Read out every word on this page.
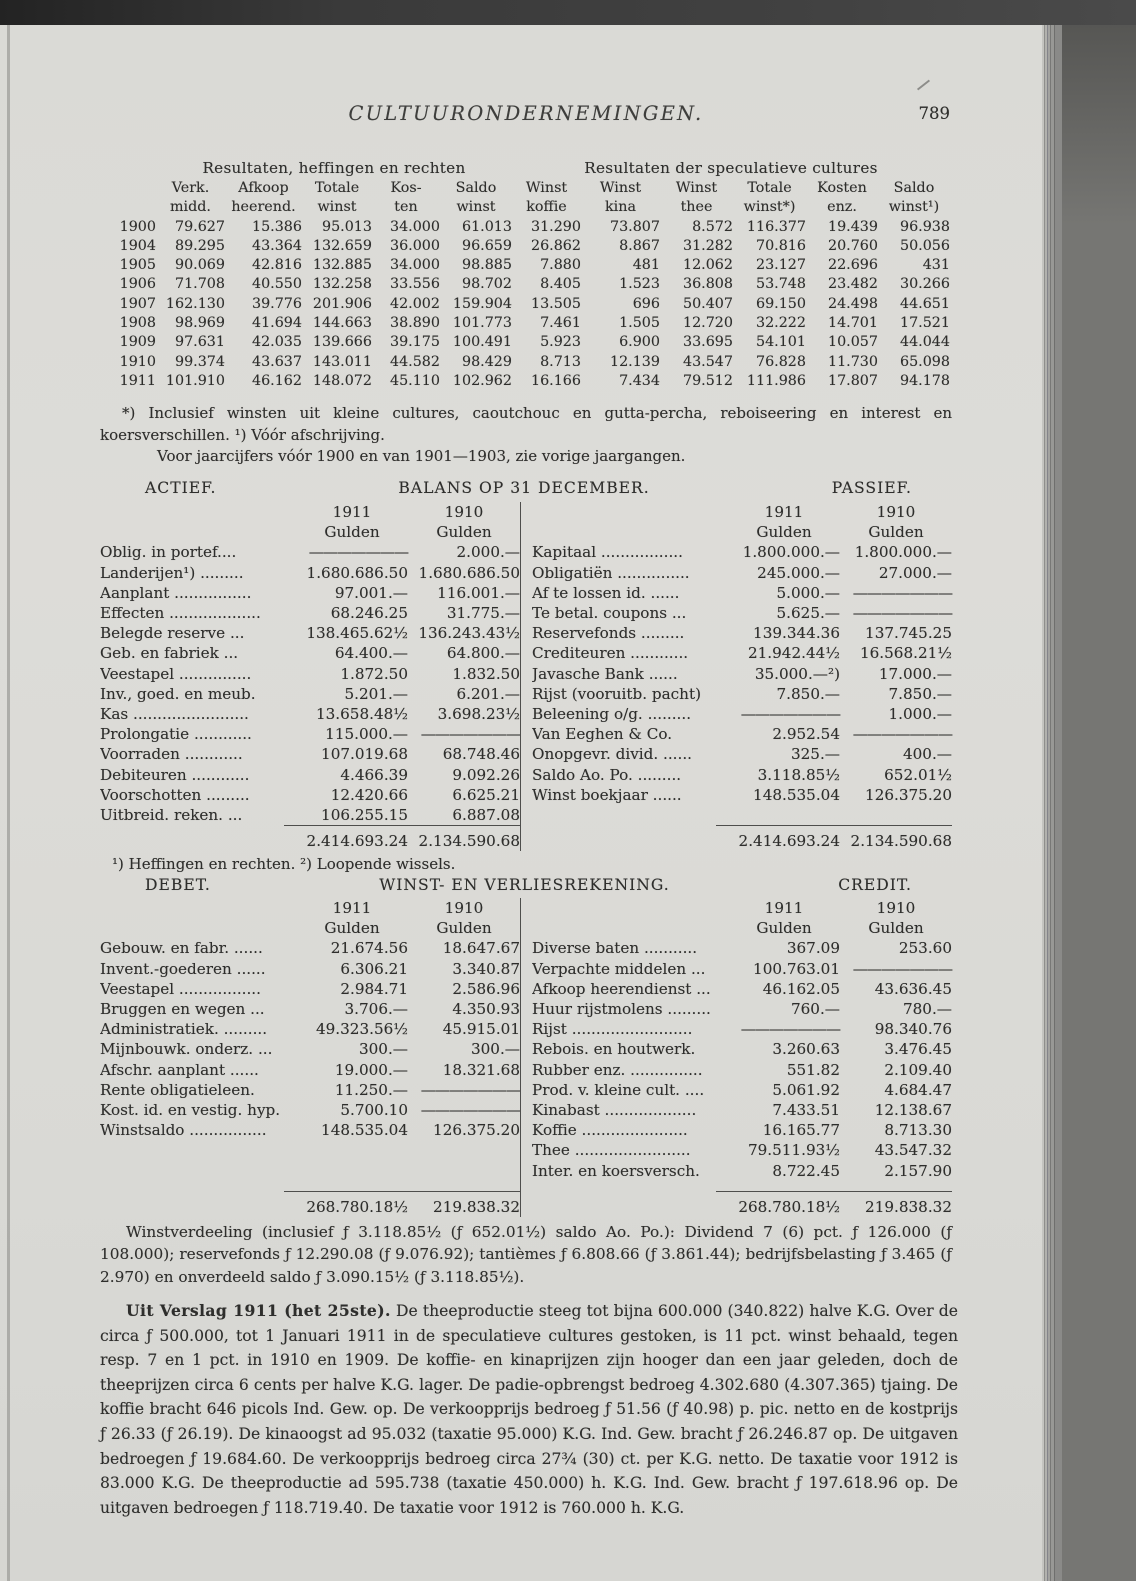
CULTUURONDERNEMINGEN.	789
	Resultaten, heffingen en rechten					Resultaten der speculatieve cultures					
	Verk.	Afkoop	Totale	Kos-	Saldo	Winst	Winst	Winst	Totale	Kosten	Saldo
	midd.	heerend.	winst	ten	winst	koffie	kina	thee	winst*)	enz.	winst¹)
1900	79.627	15.386	95.013	34.000	61.013	31.290	73.807	8.572	116.377	19.439	96.938
1904	89.295	43.364	132.659	36.000	96.659	26.862	8.867	31.282	70.816	20.760	50.056
1905	90.069	42.816	132.885	34.000	98.885	7.880	481	12.062	23.127	22.696	431
1906	71.708	40.550	132.258	33.556	98.702	8.405	1.523	36.808	53.748	23.482	30.266
1907	162.130	39.776	201.906	42.002	159.904	13.505	696	50.407	69.150	24.498	44.651
1908	98.969	41.694	144.663	38.890	101.773	7.461	1.505	12.720	32.222	14.701	17.521
1909	97.631	42.035	139.666	39.175	100.491	5.923	6.900	33.695	54.101	10.057	44.044
1910	99.374	43.637	143.011	44.582	98.429	8.713	12.139	43.547	76.828	11.730	65.098
1911	101.910	46.162	148.072	45.110	102.962	16.166	7.434	79.512	111.986	17.807	94.178
*) Inclusief winsten uit kleine cultures, caoutchouc en gutta-percha, reboiseering en interest en koersverschillen. ¹) Vóór afschrijving.
Voor jaarcijfers vóór 1900 en van 1901—1903, zie vorige jaargangen.
ACTIEF.	BALANS OP 31 DECEMBER.	PASSIEF.
1911	1910
Gulden	Gulden
Oblig. in portef....	———————	2.000.—
Landerijen¹) .........	1.680.686.50 1.680.686.50
Aanplant ................	97.001.—	116.001.—
Effecten ...................	68.246.25	31.775.—
Belegde reserve ...	138.465.62½ 136.243.43½
Geb. en fabriek ...	64.400.—	64.800.—
Veestapel ...............	1.872.50	1.832.50
Inv., goed. en meub.	5.201.—	6.201.—
Kas ........................	13.658.48½	3.698.23½
Prolongatie ............	115.000.— ———————
Voorraden ............	107.019.68	68.748.46
Debiteuren ............	4.466.39	9.092.26
Voorschotten .........	12.420.66	6.625.21
Uitbreid. reken. ...	106.255.15	6.887.08
2.414.693.24 2.134.590.68
1911	1910
Gulden	Gulden
Kapitaal .................	1.800.000.— 1.800.000.—
Obligatiën ...............	245.000.—	27.000.—
Af te lossen id. ......	5.000.— ———————
Te betal. coupons ...	5.625.— ———————
Reservefonds .........	139.344.36	137.745.25
Crediteuren ............	21.942.44½	16.568.21½
Javasche Bank ......	35.000.—²)	17.000.—
Rijst (vooruitb. pacht)	7.850.—	7.850.—
Beleening o/g. .........	———————	1.000.—
Van Eeghen & Co.	2.952.54 ———————
Onopgevr. divid. ......	325.—	400.—
Saldo Ao. Po. .........	3.118.85½	652.01½
Winst boekjaar ......	148.535.04	126.375.20
2.414.693.24 2.134.590.68
¹) Heffingen en rechten. ²) Loopende wissels.
DEBET.	WINST- EN VERLIESREKENING.	CREDIT.
1911	1910
Gulden	Gulden
Gebouw. en fabr. ......	21.674.56	18.647.67
Invent.-goederen ......	6.306.21	3.340.87
Veestapel .................	2.984.71	2.586.96
Bruggen en wegen ...	3.706.—	4.350.93
Administratiek. .........	49.323.56½	45.915.01
Mijnbouwk. onderz. ...	300.—	300.—
Afschr. aanplant ......	19.000.—	18.321.68
Rente obligatieleen.	11.250.— ———————
Kost. id. en vestig. hyp.	5.700.10 ———————
Winstsaldo ................	148.535.04	126.375.20
268.780.18½	219.838.32
1911	1910
Gulden	Gulden
Diverse baten ...........	367.09	253.60
Verpachte middelen ...	100.763.01 ———————
Afkoop heerendienst ...	46.162.05	43.636.45
Huur rijstmolens .........	760.—	780.—
Rijst .........................	———————	98.340.76
Rebois. en houtwerk.	3.260.63	3.476.45
Rubber enz. ...............	551.82	2.109.40
Prod. v. kleine cult. ....	5.061.92	4.684.47
Kinabast ...................	7.433.51	12.138.67
Koffie ......................	16.165.77	8.713.30
Thee ........................	79.511.93½	43.547.32
Inter. en koersversch.	8.722.45	2.157.90
268.780.18½	219.838.32
Winstverdeeling (inclusief ƒ 3.118.85½ (ƒ 652.01½) saldo Ao. Po.): Dividend 7 (6) pct. ƒ 126.000 (ƒ 108.000); reservefonds ƒ 12.290.08 (ƒ 9.076.92); tantièmes ƒ 6.808.66 (ƒ 3.861.44); bedrijfsbelasting ƒ 3.465 (ƒ 2.970) en onverdeeld saldo ƒ 3.090.15½ (ƒ 3.118.85½).
Uit Verslag 1911 (het 25ste). De theeproductie steeg tot bijna 600.000 (340.822) halve K.G. Over de circa ƒ 500.000, tot 1 Januari 1911 in de speculatieve cultures gestoken, is 11 pct. winst behaald, tegen resp. 7 en 1 pct. in 1910 en 1909. De koffie- en kinaprijzen zijn hooger dan een jaar geleden, doch de theeprijzen circa 6 cents per halve K.G. lager. De padie-opbrengst bedroeg 4.302.680 (4.307.365) tjaing. De koffie bracht 646 picols Ind. Gew. op. De verkoopprijs bedroeg ƒ 51.56 (ƒ 40.98) p. pic. netto en de kostprijs ƒ 26.33 (ƒ 26.19). De kinaoogst ad 95.032 (taxatie 95.000) K.G. Ind. Gew. bracht ƒ 26.246.87 op. De uitgaven bedroegen ƒ 19.684.60. De verkoopprijs bedroeg circa 27¾ (30) ct. per K.G. netto. De taxatie voor 1912 is 83.000 K.G. De theeproductie ad 595.738 (taxatie 450.000) h. K.G. Ind. Gew. bracht ƒ 197.618.96 op. De uitgaven bedroegen ƒ 118.719.40. De taxatie voor 1912 is 760.000 h. K.G.
